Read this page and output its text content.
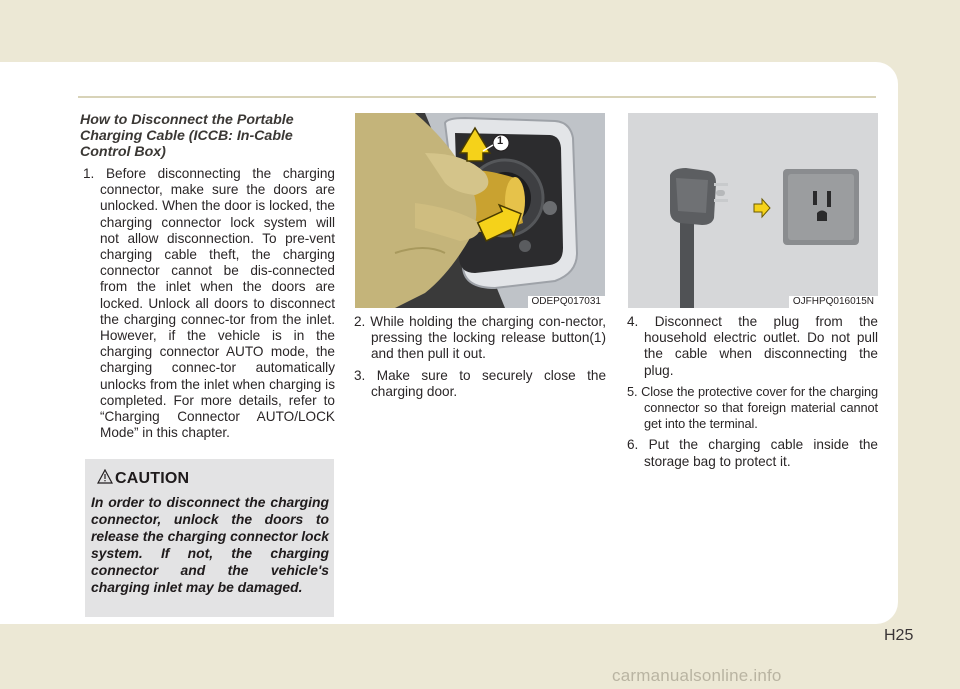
How to Disconnect the Portable Charging Cable (ICCB: In-Cable Control Box)
1. Before disconnecting the charging connector, make sure the doors are unlocked. When the door is locked, the charging connector lock system will not allow disconnection. To pre-vent charging cable theft, the charging connector cannot be dis-connected from the inlet when the doors are locked. Unlock all doors to disconnect the charging connec-tor from the inlet. However, if the vehicle is in the charging connector AUTO mode, the charging connec-tor automatically unlocks from the inlet when charging is completed. For more details, refer to “Charging Connector AUTO/LOCK Mode” in this chapter.
CAUTION
In order to disconnect the charging connector, unlock the doors to release the charging connector lock system. If not, the charging connector and the vehicle's charging inlet may be damaged.
1
ODEPQ017031	OJFHPQ016015N
2. While holding the charging con-nector, pressing the locking release button(1) and then pull it out.
3. Make sure to securely close the charging door.
4. Disconnect the plug from the household electric outlet. Do not pull the cable when disconnecting the plug.
5. Close the protective cover for the charging connector so that foreign material cannot get into the terminal.
6. Put the charging cable inside the storage bag to protect it.
H25
carmanualsonline.info
